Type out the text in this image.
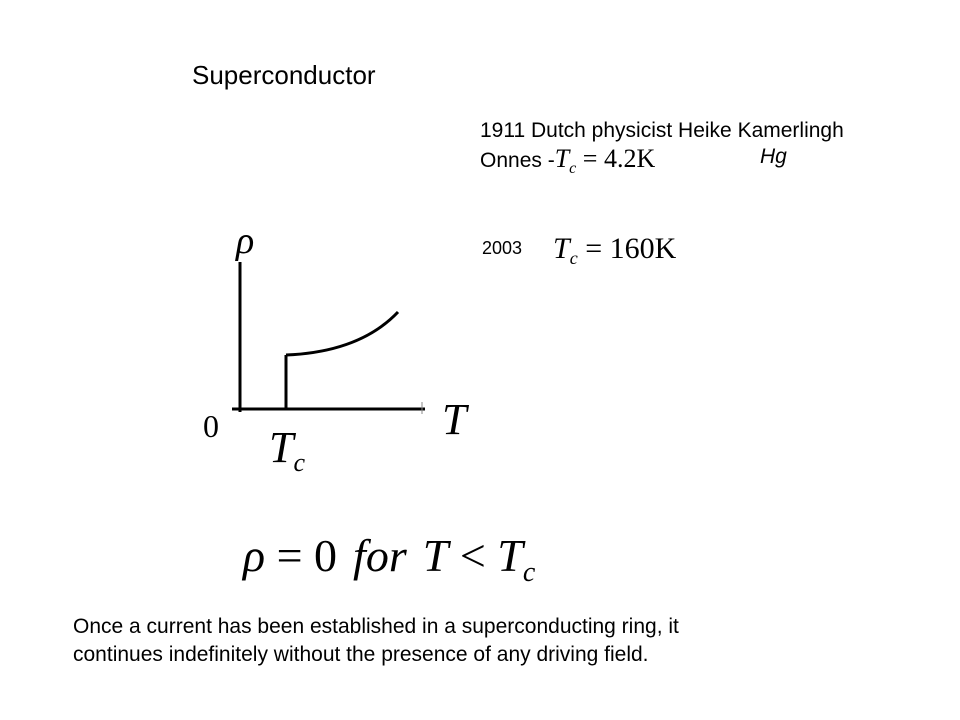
Superconductor
1911 Dutch physicist Heike Kamerlingh
Onnes $-T_c = 4.2K$	Hg
2003 $T_c = 160K$
ρ
0	T
$T_c$
ρ = 0 for $T < T_c$
Once a current has been established in a superconducting ring, it
continues indefinitely without the presence of any driving field.
